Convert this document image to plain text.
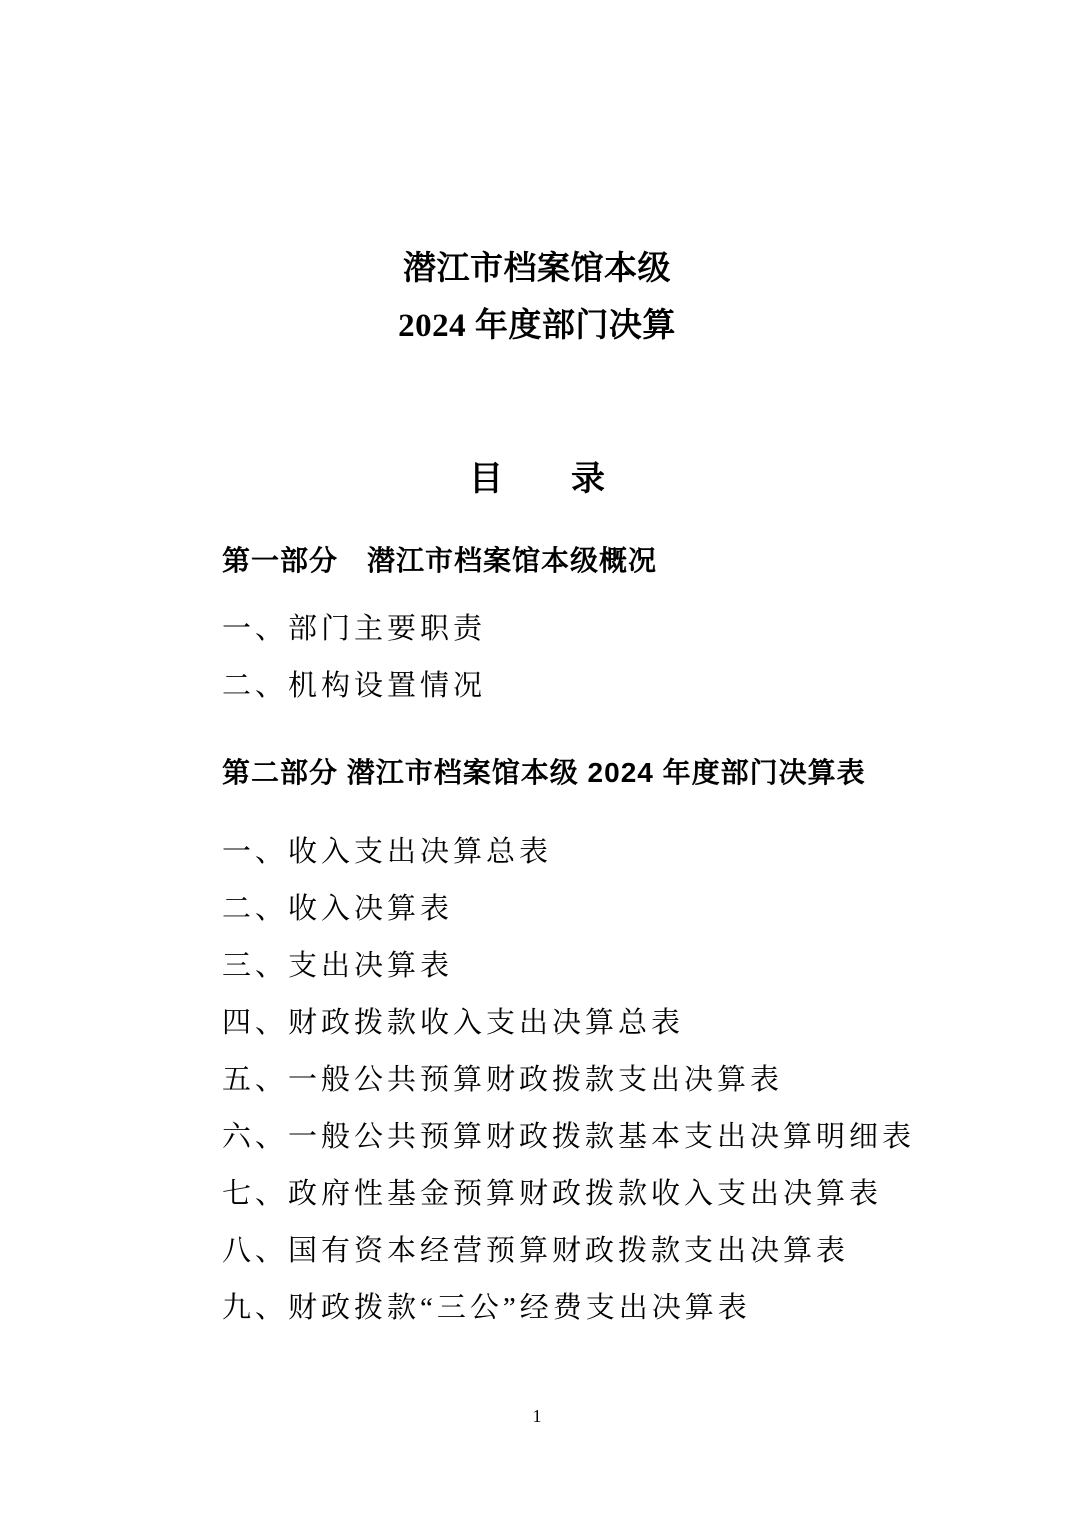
潜江市档案馆本级
2024 年度部门决算
目　　录
第一部分　潜江市档案馆本级概况
一、部门主要职责
二、机构设置情况
第二部分 潜江市档案馆本级 2024 年度部门决算表
一、收入支出决算总表
二、收入决算表
三、支出决算表
四、财政拨款收入支出决算总表
五、一般公共预算财政拨款支出决算表
六、一般公共预算财政拨款基本支出决算明细表
七、政府性基金预算财政拨款收入支出决算表
八、国有资本经营预算财政拨款支出决算表
九、财政拨款“三公”经费支出决算表
1
